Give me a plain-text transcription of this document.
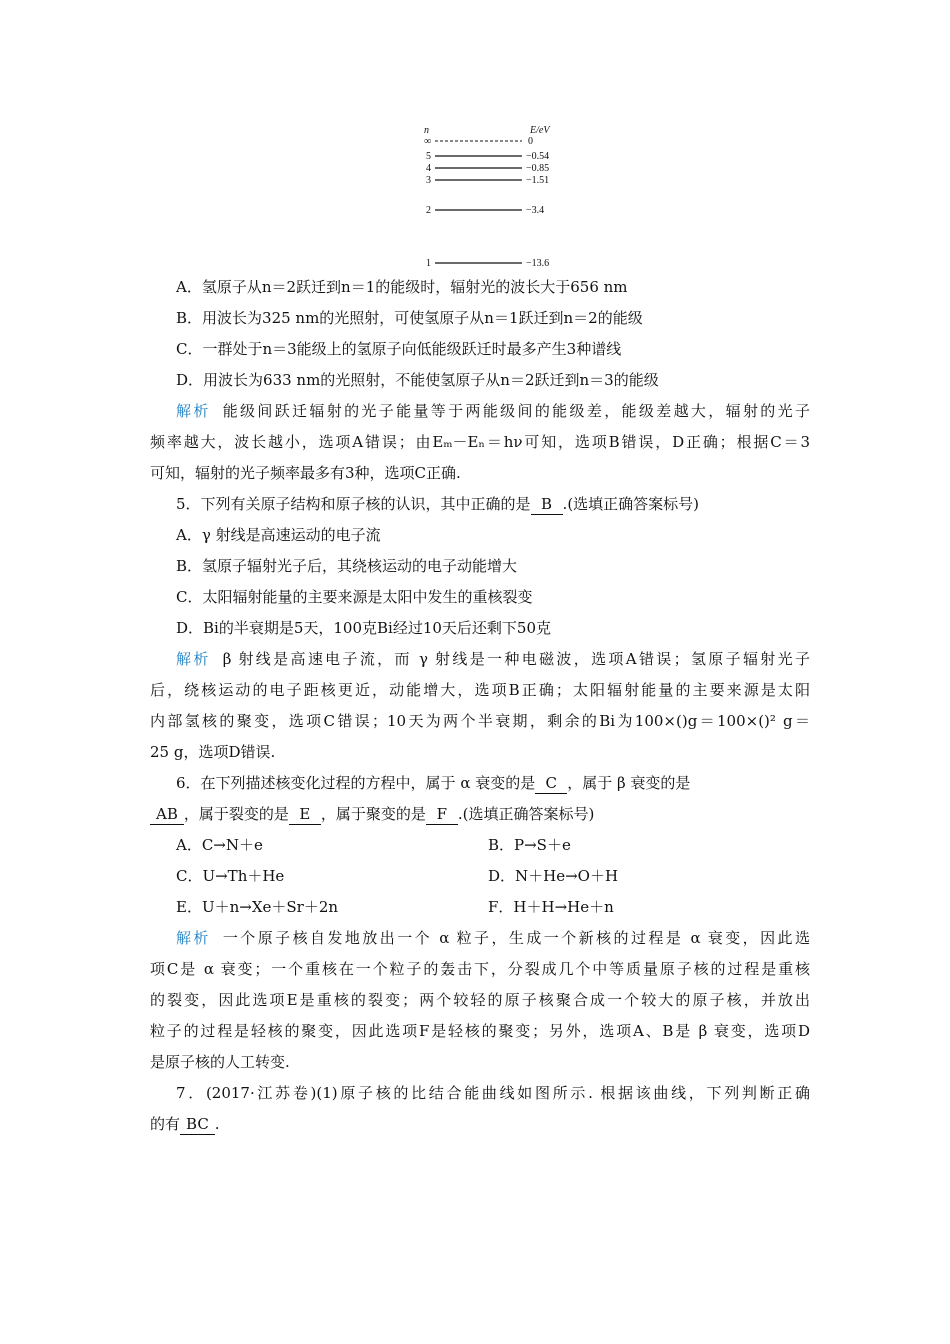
n	E/eV
∞	0
5	−0.54
4	−0.85
3	−1.51
2	−3.4
1	−13.6
A．氢原子从n＝2跃迁到n＝1的能级时，辐射光的波长大于656 nm
B．用波长为325 nm的光照射，可使氢原子从n＝1跃迁到n＝2的能级
C．一群处于n＝3能级上的氢原子向低能级跃迁时最多产生3种谱线
D．用波长为633 nm的光照射，不能使氢原子从n＝2跃迁到n＝3的能级
解析 能级间跃迁辐射的光子能量等于两能级间的能级差，能级差越大，辐射的光子
频率越大，波长越小，选项A错误；由Eₘ－Eₙ＝hν可知，选项B错误，D正确；根据C＝3
可知，辐射的光子频率最多有3种，选项C正确.
5．下列有关原子结构和原子核的认识，其中正确的是 B .(选填正确答案标号)
A．γ 射线是高速运动的电子流
B．氢原子辐射光子后，其绕核运动的电子动能增大
C．太阳辐射能量的主要来源是太阳中发生的重核裂变
D．Bi的半衰期是5天，100克Bi经过10天后还剩下50克
解析 β 射线是高速电子流，而 γ 射线是一种电磁波，选项A错误；氢原子辐射光子
后，绕核运动的电子距核更近，动能增大，选项B正确；太阳辐射能量的主要来源是太阳
内部氢核的聚变，选项C错误；10天为两个半衰期，剩余的Bi为100×()g＝100×()² g＝
25 g，选项D错误.
6．在下列描述核变化过程的方程中，属于 α 衰变的是 C ，属于 β 衰变的是
AB ，属于裂变的是 E ，属于聚变的是 F .(选填正确答案标号)
A．C→N＋e	B．P→S＋e
C．U→Th＋He	D．N＋He→O＋H
E．U＋n→Xe＋Sr＋2n	F．H＋H→He＋n
解析 一个原子核自发地放出一个 α 粒子，生成一个新核的过程是 α 衰变，因此选
项C是 α 衰变；一个重核在一个粒子的轰击下，分裂成几个中等质量原子核的过程是重核
的裂变，因此选项E是重核的裂变；两个较轻的原子核聚合成一个较大的原子核，并放出
粒子的过程是轻核的聚变，因此选项F是轻核的聚变；另外，选项A、B是 β 衰变，选项D
是原子核的人工转变.
7．(2017·江苏卷)(1)原子核的比结合能曲线如图所示. 根据该曲线，下列判断正确
的有 BC .
